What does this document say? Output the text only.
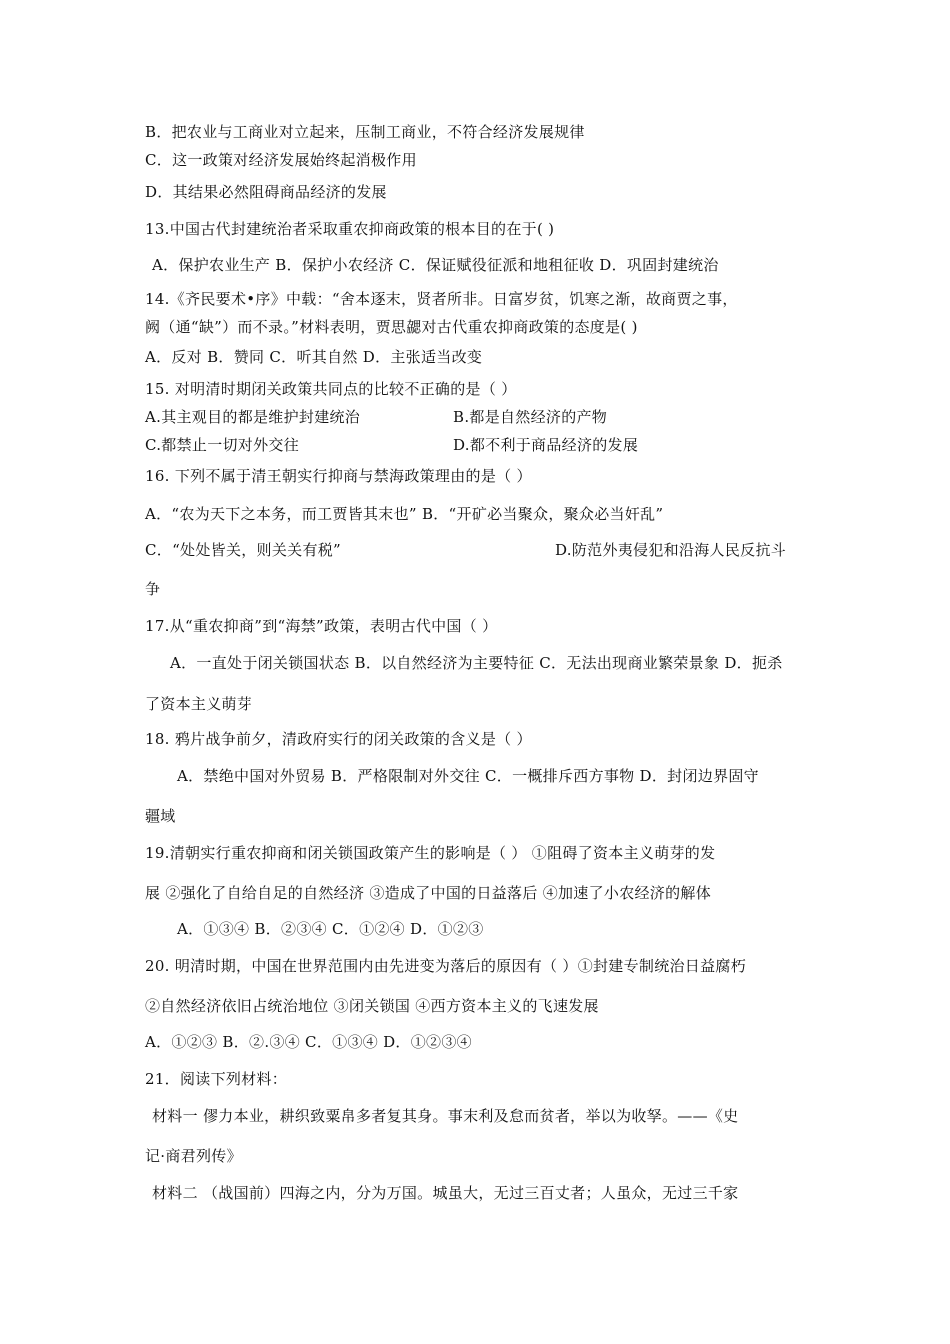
B．把农业与工商业对立起来，压制工商业，不符合经济发展规律
C．这一政策对经济发展始终起消极作用
D．其结果必然阻碍商品经济的发展
13.中国古代封建统治者采取重农抑商政策的根本目的在于( )
A．保护农业生产 B．保护小农经济 C．保证赋役征派和地租征收 D．巩固封建统治
14.《齐民要术•序》中载：“舍本逐末，贤者所非。日富岁贫，饥寒之渐，故商贾之事，
阙（通“缺”）而不录。”材料表明，贾思勰对古代重农抑商政策的态度是( )
A．反对 B．赞同 C．听其自然 D．主张适当改变
15. 对明清时期闭关政策共同点的比较不正确的是（ ）
A.其主观目的都是维护封建统治	B.都是自然经济的产物
C.都禁止一切对外交往	D.都不利于商品经济的发展
16. 下列不属于清王朝实行抑商与禁海政策理由的是（ ）
A．“农为天下之本务，而工贾皆其末也” B．“开矿必当聚众，聚众必当奸乱”
C．“处处皆关，则关关有税”	D.防范外夷侵犯和沿海人民反抗斗
争
17.从“重农抑商”到“海禁”政策，表明古代中国（ ）
A．一直处于闭关锁国状态 B．以自然经济为主要特征 C．无法出现商业繁荣景象 D．扼杀
了资本主义萌芽
18. 鸦片战争前夕，清政府实行的闭关政策的含义是（ ）
A．禁绝中国对外贸易 B．严格限制对外交往 C．一概排斥西方事物 D．封闭边界固守
疆域
19.清朝实行重农抑商和闭关锁国政策产生的影响是（ ） ①阻碍了资本主义萌芽的发
展 ②强化了自给自足的自然经济 ③造成了中国的日益落后 ④加速了小农经济的解体
A．①③④ B．②③④ C．①②④ D．①②③
20. 明清时期，中国在世界范围内由先进变为落后的原因有（ ）①封建专制统治日益腐朽
②自然经济依旧占统治地位 ③闭关锁国 ④西方资本主义的飞速发展
A．①②③ B．②.③④ C．①③④ D．①②③④
21．阅读下列材料：
材料一 僇力本业，耕织致粟帛多者复其身。事末利及怠而贫者，举以为收孥。——《史
记·商君列传》
材料二 （战国前）四海之内，分为万国。城虽大，无过三百丈者；人虽众，无过三千家
